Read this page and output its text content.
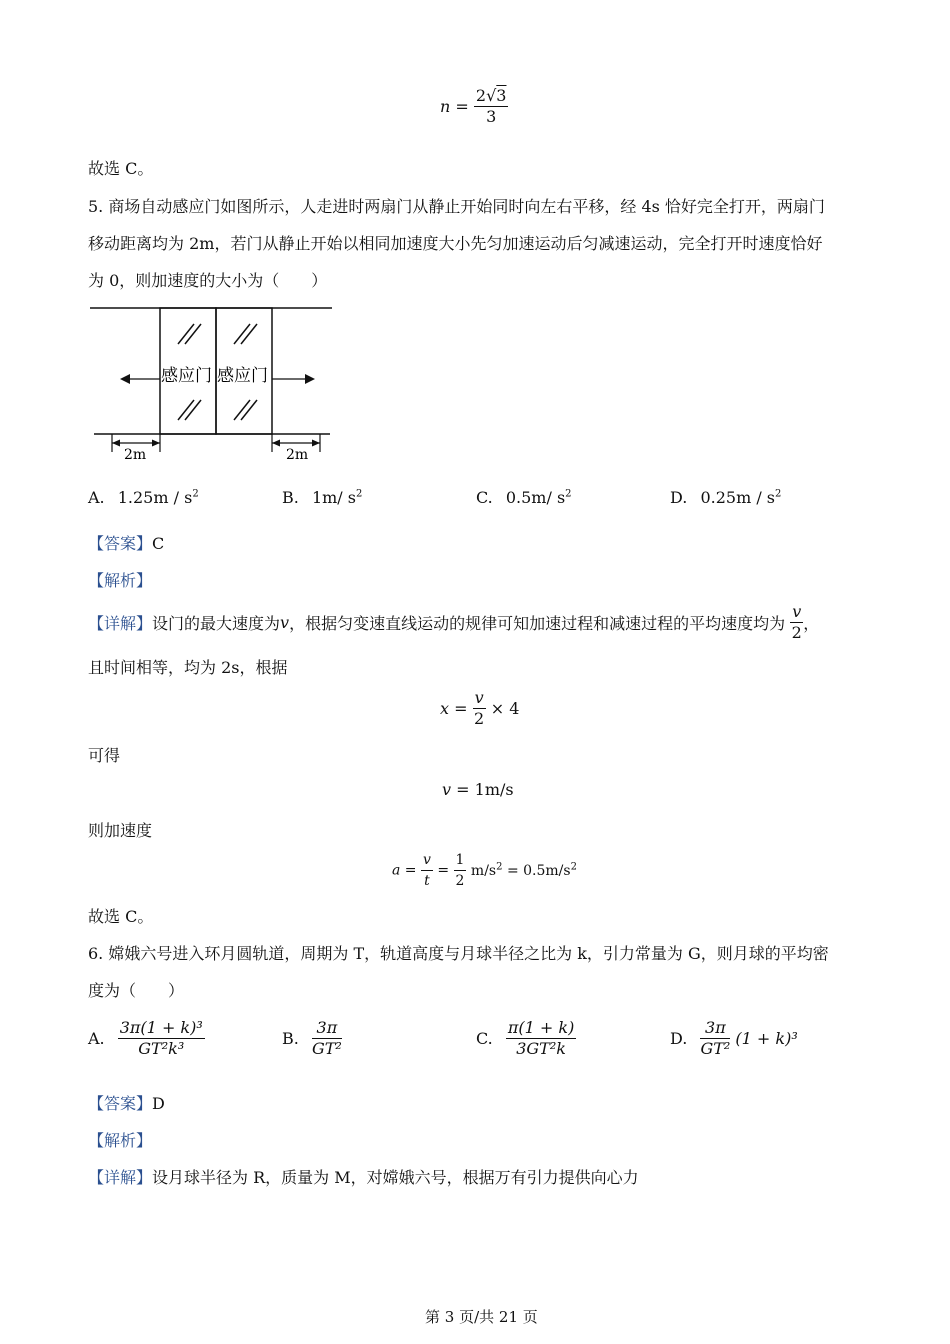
$n = \frac{2√3}{3}$
故选 C。
5. 商场自动感应门如图所示，人走进时两扇门从静止开始同时向左右平移，经 4s 恰好完全打开，两扇门
移动距离均为 2m，若门从静止开始以相同加速度大小先匀加速运动后匀减速运动，完全打开时速度恰好
为 0，则加速度的大小为（　　）
感应门 感应门
2m	2m
A. $1.25m / s^2$	B. 1m/ $s^2$	C. 0.5m/ $s^2$	D. $0.25m / s^2$
【答案】C
【解析】
【详解】设门的最大速度为v，根据匀变速直线运动的规律可知加速过程和减速过程的平均速度均为 $\frac{v}{2}$ ，
且时间相等，均为 2s，根据
$x = \frac{v}{2} \times 4$
可得
v = 1m/s
则加速度
$a = \frac{v}{t} = \frac{1}{2} m/s^2 = 0.5m/s^2$
故选 C。
6. 嫦娥六号进入环月圆轨道，周期为 T，轨道高度与月球半径之比为 k，引力常量为 G，则月球的平均密
度为（　　）
A. $\frac{\text{3π(1 + k)³}}{\text{GT²k³}}$	B. $\frac{3\pi}{\text{GT²}}$	C. $\frac{\pi(1 + k)}{\text{3GT²k}}$	D. $\frac{3\pi}{\text{GT²}} (1 + k)^3$
【答案】D
【解析】
【详解】设月球半径为 R，质量为 M，对嫦娥六号，根据万有引力提供向心力
第 3 页/共 21 页
